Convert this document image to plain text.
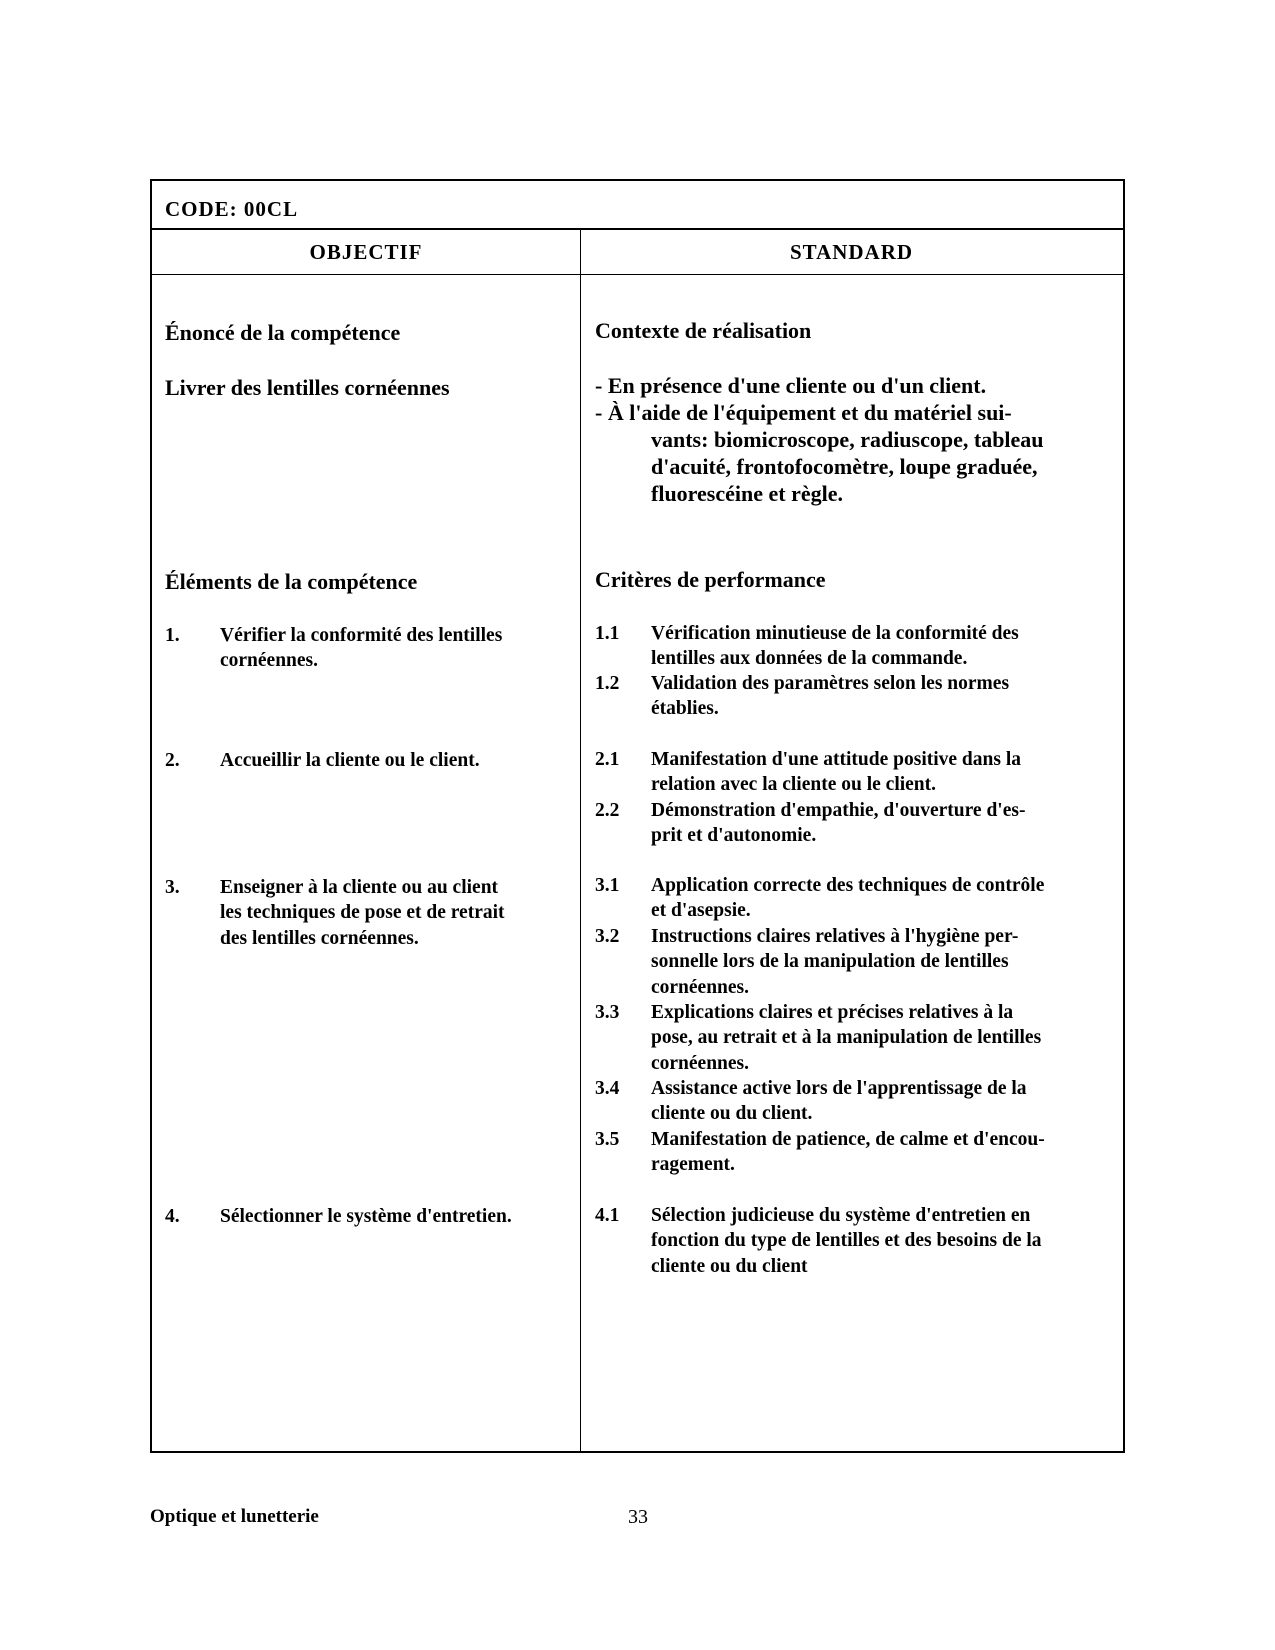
CODE: 00CL
OBJECTIF	STANDARD
Énoncé de la compétence
Livrer des lentilles cornéennes
Éléments de la compétence
1. Vérifier la conformité des lentilles
cornéennes.
2. Accueillir la cliente ou le client.
3. Enseigner à la cliente ou au client
les techniques de pose et de retrait
des lentilles cornéennes.
4. Sélectionner le système d'entretien.
Contexte de réalisation
- En présence d'une cliente ou d'un client.
- À l'aide de l'équipement et du matériel sui-
vants: biomicroscope, radiuscope, tableau
d'acuité, frontofocomètre, loupe graduée,
fluorescéine et règle.
Critères de performance
1.1 Vérification minutieuse de la conformité des
lentilles aux données de la commande.
1.2 Validation des paramètres selon les normes
établies.
2.1 Manifestation d'une attitude positive dans la
relation avec la cliente ou le client.
2.2 Démonstration d'empathie, d'ouverture d'es-
prit et d'autonomie.
3.1 Application correcte des techniques de contrôle
et d'asepsie.
3.2 Instructions claires relatives à l'hygiène per-
sonnelle lors de la manipulation de lentilles
cornéennes.
3.3 Explications claires et précises relatives à la
pose, au retrait et à la manipulation de lentilles
cornéennes.
3.4 Assistance active lors de l'apprentissage de la
cliente ou du client.
3.5 Manifestation de patience, de calme et d'encou-
ragement.
4.1 Sélection judicieuse du système d'entretien en
fonction du type de lentilles et des besoins de la
cliente ou du client
Optique et lunetterie	33
